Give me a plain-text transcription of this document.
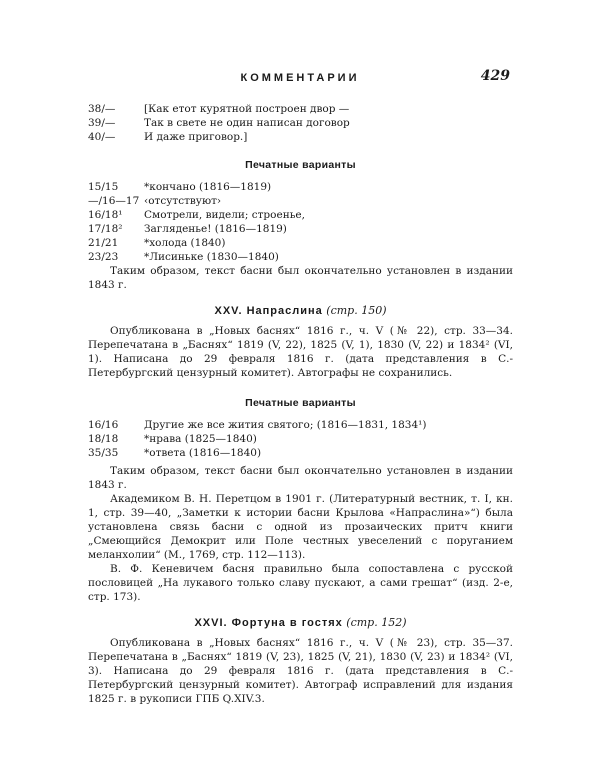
КОММЕНТАРИИ	429
38/—	[Как етот курятной построен двор —
39/—	Так в свете не один написан договор
40/—	И даже приговор.]
Печатные варианты
15/15	*кончано (1816—1819)
—/16—17 ‹отсутствуют›
16/18¹	Смотрели, видели; строенье,
17/18²	Загляденье! (1816—1819)
21/21	*холода (1840)
23/23	*Лисиньке (1830—1840)

Таким образом, текст басни был окончательно установлен в издании 1843 г.

XXV. Напраслина (стр. 150)

Опубликована в „Новых баснях“ 1816 г., ч. V (№ 22), стр. 33—34. Перепечатана в „Баснях“ 1819 (V, 22), 1825 (V, 1), 1830 (V, 22) и 1834² (VI, 1). Написана до 29 февраля 1816 г. (дата представления в С.-Петербургский цензурный комитет). Автографы не сохранились.

Печатные варианты
16/16	Другие же все жития святого; (1816—1831, 1834¹)
18/18	*нрава (1825—1840)
35/35	*ответа (1816—1840)

Таким образом, текст басни был окончательно установлен в издании 1843 г.

Академиком В. Н. Перетцом в 1901 г. (Литературный вестник, т. I, кн. 1, стр. 39—40, „Заметки к истории басни Крылова «Напраслина»“) была установлена связь басни с одной из прозаических притч книги „Смеющийся Демокрит или Поле честных увеселений с поруганием меланхолии“ (М., 1769, стр. 112—113).

В. Ф. Кеневичем басня правильно была сопоставлена с русской пословицей „На лукавого только славу пускают, а сами грешат“ (изд. 2-е, стр. 173).

XXVI. Фортуна в гостях (стр. 152)

Опубликована в „Новых баснях“ 1816 г., ч. V (№ 23), стр. 35—37. Перепечатана в „Баснях“ 1819 (V, 23), 1825 (V, 21), 1830 (V, 23) и 1834² (VI, 3). Написана до 29 февраля 1816 г. (дата представления в С.-Петербургский цензурный комитет). Автограф исправлений для издания 1825 г. в рукописи ГПБ Q.XIV.3.
